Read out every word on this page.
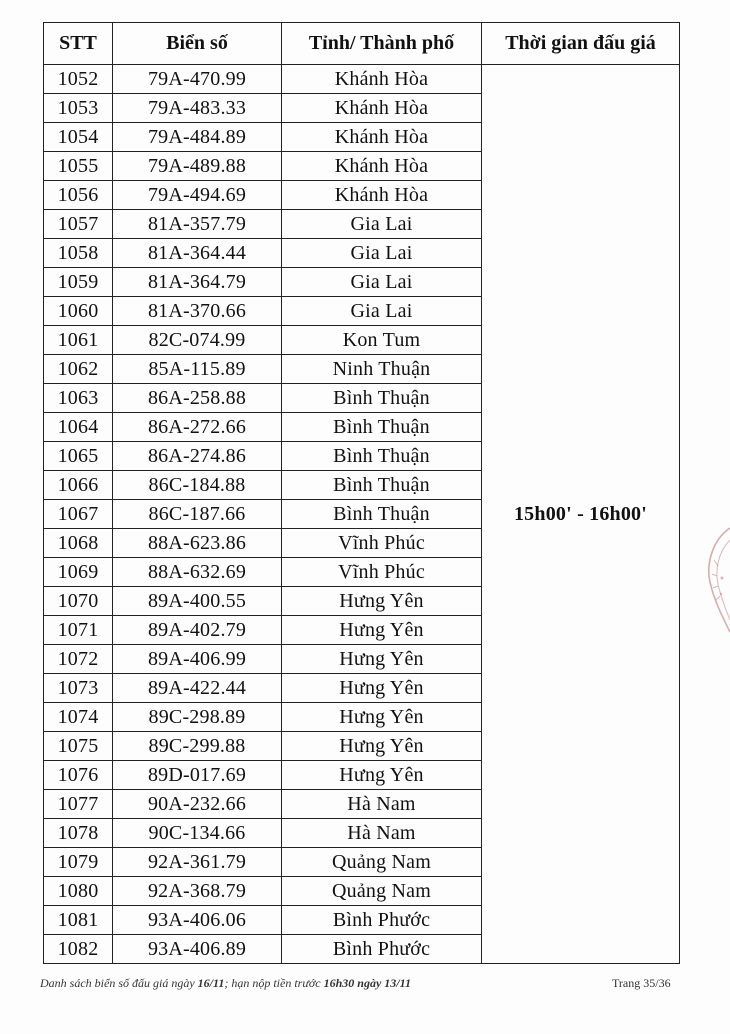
STT	Biển số	Tỉnh/ Thành phố	Thời gian đấu giá
1052	79A-470.99	Khánh Hòa	15h00' - 16h00'
1053	79A-483.33	Khánh Hòa	
1054	79A-484.89	Khánh Hòa	
1055	79A-489.88	Khánh Hòa	
1056	79A-494.69	Khánh Hòa	
1057	81A-357.79	Gia Lai	
1058	81A-364.44	Gia Lai	
1059	81A-364.79	Gia Lai	
1060	81A-370.66	Gia Lai	
1061	82C-074.99	Kon Tum	
1062	85A-115.89	Ninh Thuận	
1063	86A-258.88	Bình Thuận	
1064	86A-272.66	Bình Thuận	
1065	86A-274.86	Bình Thuận	
1066	86C-184.88	Bình Thuận	
1067	86C-187.66	Bình Thuận	
1068	88A-623.86	Vĩnh Phúc	
1069	88A-632.69	Vĩnh Phúc	
1070	89A-400.55	Hưng Yên	
1071	89A-402.79	Hưng Yên	
1072	89A-406.99	Hưng Yên	
1073	89A-422.44	Hưng Yên	
1074	89C-298.89	Hưng Yên	
1075	89C-299.88	Hưng Yên	
1076	89D-017.69	Hưng Yên	
1077	90A-232.66	Hà Nam	
1078	90C-134.66	Hà Nam	
1079	92A-361.79	Quảng Nam	
1080	92A-368.79	Quảng Nam	
1081	93A-406.06	Bình Phước	
1082	93A-406.89	Bình Phước	
Danh sách biển số đấu giá ngày 16/11; hạn nộp tiền trước 16h30 ngày 13/11	Trang 35/36
